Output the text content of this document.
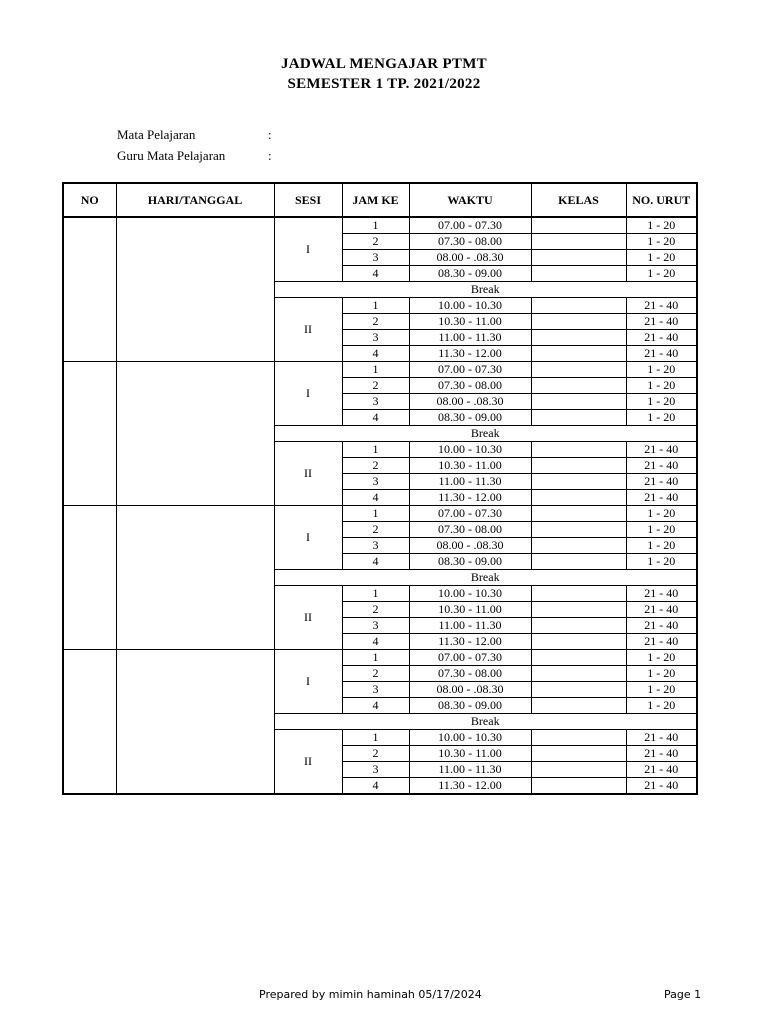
JADWAL MENGAJAR PTMT
SEMESTER 1 TP. 2021/2022
Mata Pelajaran	:
Guru Mata Pelajaran	:
NO	HARI/TANGGAL	SESI	JAM KE	WAKTU	KELAS	NO. URUT
		I	1	07.00 - 07.30		1 - 20
			2	07.30 - 08.00		1 - 20
			3	08.00 - .08.30		1 - 20
			4	08.30 - 09.00		1 - 20
		Break				
		II	1	10.00 - 10.30		21 - 40
			2	10.30 - 11.00		21 - 40
			3	11.00 - 11.30		21 - 40
			4	11.30 - 12.00		21 - 40
		I	1	07.00 - 07.30		1 - 20
			2	07.30 - 08.00		1 - 20
			3	08.00 - .08.30		1 - 20
			4	08.30 - 09.00		1 - 20
		Break				
		II	1	10.00 - 10.30		21 - 40
			2	10.30 - 11.00		21 - 40
			3	11.00 - 11.30		21 - 40
			4	11.30 - 12.00		21 - 40
		I	1	07.00 - 07.30		1 - 20
			2	07.30 - 08.00		1 - 20
			3	08.00 - .08.30		1 - 20
			4	08.30 - 09.00		1 - 20
		Break				
		II	1	10.00 - 10.30		21 - 40
			2	10.30 - 11.00		21 - 40
			3	11.00 - 11.30		21 - 40
			4	11.30 - 12.00		21 - 40
		I	1	07.00 - 07.30		1 - 20
			2	07.30 - 08.00		1 - 20
			3	08.00 - .08.30		1 - 20
			4	08.30 - 09.00		1 - 20
		Break				
		II	1	10.00 - 10.30		21 - 40
			2	10.30 - 11.00		21 - 40
			3	11.00 - 11.30		21 - 40
			4	11.30 - 12.00		21 - 40
Prepared by mimin haminah 05/17/2024	Page 1
